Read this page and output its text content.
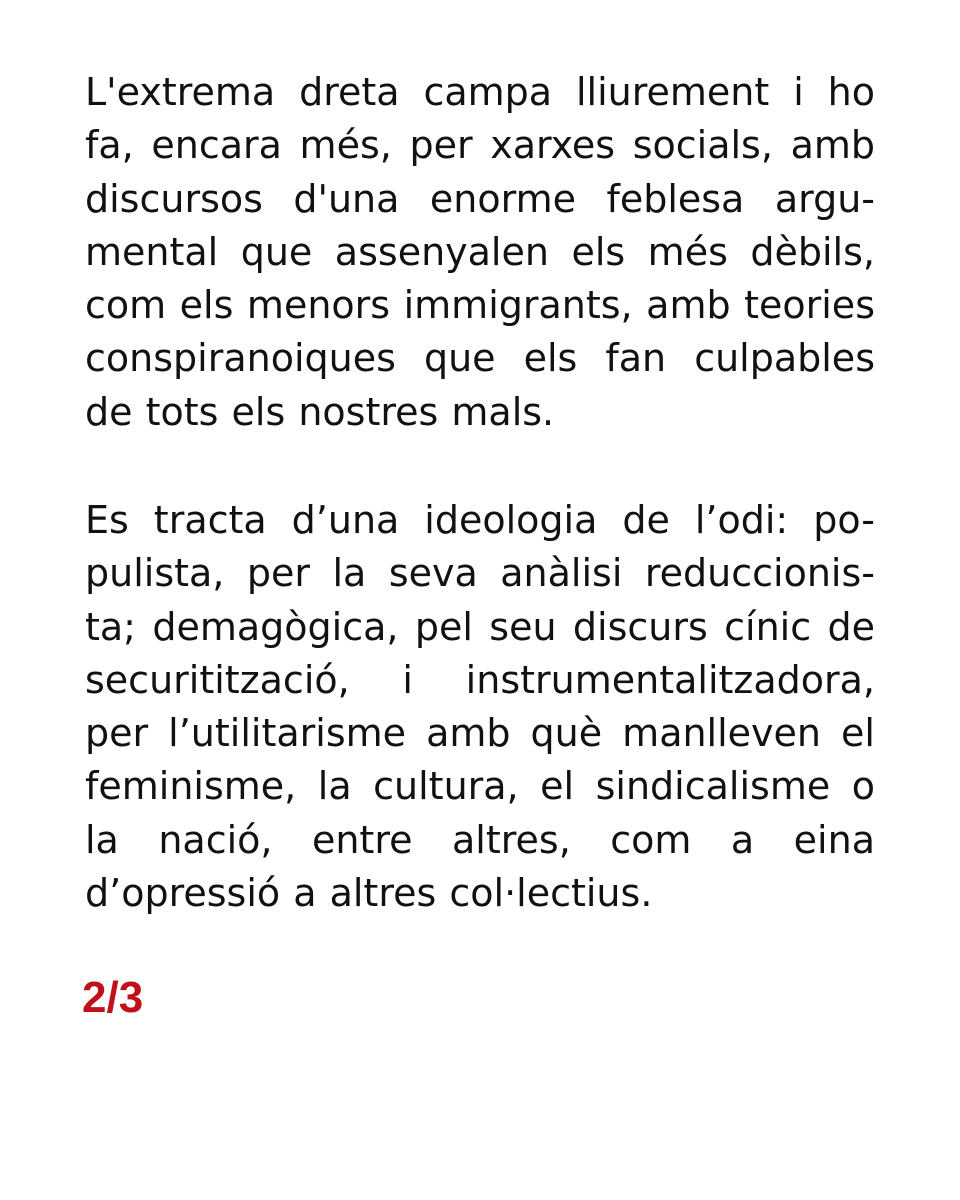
L'extrema dreta campa lliurement i ho
fa, encara més, per xarxes socials, amb
discursos d'una enorme feblesa argu-
mental que assenyalen els més dèbils,
com els menors immigrants, amb teories
conspiranoiques que els fan culpables
de tots els nostres mals.
Es tracta d’una ideologia de l’odi: po-
pulista, per la seva anàlisi reduccionis-
ta; demagògica, pel seu discurs cínic de
securitització, i instrumentalitzadora,
per l’utilitarisme amb què manlleven el
feminisme, la cultura, el sindicalisme o
la nació, entre altres, com a eina
d’opressió a altres col·lectius.
2/3
